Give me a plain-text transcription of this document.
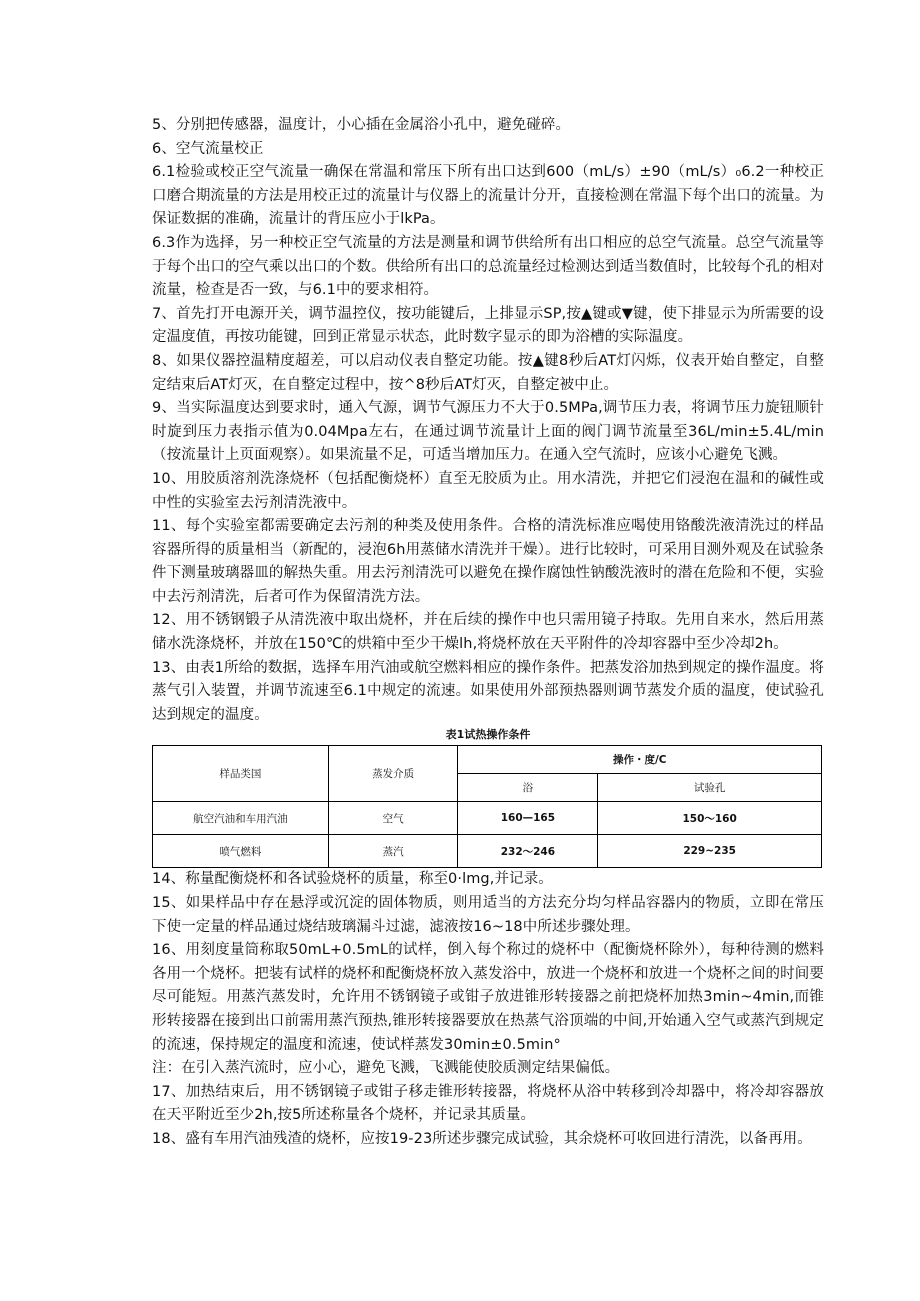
5、分别把传感器，温度计，小心插在金属浴小孔中，避免碰碎。

6、空气流量校正

6.1检验或校正空气流量一确保在常温和常压下所有出口达到600（mL∕s）±90（mL∕s）₀6.2一种校正口磨合期流量的方法是用校正过的流量计与仪器上的流量计分开，直接检测在常温下每个出口的流量。为保证数据的准确，流量计的背压应小于lkPa。

6.3作为选择，另一种校正空气流量的方法是测量和调节供给所有出口相应的总空气流量。总空气流量等于每个出口的空气乘以出口的个数。供给所有出口的总流量经过检测达到适当数值时，比较每个孔的相对流量，检查是否一致，与6.1中的要求相符。

7、首先打开电源开关，调节温控仪，按功能键后，上排显示SP,按▲键或▼键，使下排显示为所需要的设定温度值，再按功能键，回到正常显示状态，此时数字显示的即为浴槽的实际温度。

8、如果仪器控温精度超差，可以启动仪表自整定功能。按▲键8秒后AT灯闪烁，仪表开始自整定，自整定结束后AT灯灭，在自整定过程中，按^8秒后AT灯灭，自整定被中止。

9、当实际温度达到要求时，通入气源，调节气源压力不大于0.5MPa,调节压力表，将调节压力旋钮顺针时旋到压力表指示值为0.04Mpa左右，在通过调节流量计上面的阀门调节流量至36L∕min±5.4L∕min（按流量计上页面观察）。如果流量不足，可适当增加压力。在通入空气流时，应该小心避免飞溅。

10、用胶质溶剂洗涤烧杯（包括配衡烧杯）直至无胶质为止。用水清洗，并把它们浸泡在温和的碱性或中性的实验室去污剂清洗液中。

11、每个实验室都需要确定去污剂的种类及使用条件。合格的清洗标准应喝使用铬酸洗液清洗过的样品容器所得的质量相当（新配的，浸泡6h用蒸储水清洗并干燥）。进行比较时，可采用目测外观及在试验条件下测量玻璃器皿的解热失重。用去污剂清洗可以避免在操作腐蚀性钠酸洗液时的潜在危险和不便，实验中去污剂清洗，后者可作为保留清洗方法。

12、用不锈钢锻子从清洗液中取出烧杯，并在后续的操作中也只需用镜子持取。先用自来水，然后用蒸储水洗涤烧杯，并放在150℃的烘箱中至少干燥lh,将烧杯放在天平附件的冷却容器中至少冷却2h。

13、由表1所给的数据，选择车用汽油或航空燃料相应的操作条件。把蒸发浴加热到规定的操作温度。将蒸气引入装置，并调节流速至6.1中规定的流速。如果使用外部预热器则调节蒸发介质的温度，使试验孔达到规定的温度。

表1试热操作条件
样品类国	蒸发介质	操作・度/C	
		浴	试验孔
航空汽油和车用汽油	空气	160—165	150～160
喷气燃料	蒸汽	232～246	229~235

14、称量配衡烧杯和各试验烧杯的质量，称至0·lmg,并记录。

15、如果样品中存在悬浮或沉淀的固体物质，则用适当的方法充分均匀样品容器内的物质，立即在常压下使一定量的样品通过烧结玻璃漏斗过滤，滤液按16~18中所述步骤处理。

16、用刻度量筒称取50mL+0.5mL的试样，倒入每个称过的烧杯中（配衡烧杯除外），每种待测的燃料各用一个烧杯。把装有试样的烧杯和配衡烧杯放入蒸发浴中，放进一个烧杯和放进一个烧杯之间的时间要尽可能短。用蒸汽蒸发时，允许用不锈钢镜子或钳子放进锥形转接器之前把烧杯加热3min~4min,而锥形转接器在接到出口前需用蒸汽预热,锥形转接器要放在热蒸气浴顶端的中间,开始通入空气或蒸汽到规定的流速，保持规定的温度和流速，使试样蒸发30min±0.5min°

注：在引入蒸汽流时，应小心，避免飞溅，飞溅能使胶质测定结果偏低。

17、加热结束后，用不锈钢镜子或钳子移走锥形转接器，将烧杯从浴中转移到冷却器中，将冷却容器放在天平附近至少2h,按5所述称量各个烧杯，并记录其质量。

18、盛有车用汽油残渣的烧杯，应按19-23所述步骤完成试验，其余烧杯可收回进行清洗，以备再用。
